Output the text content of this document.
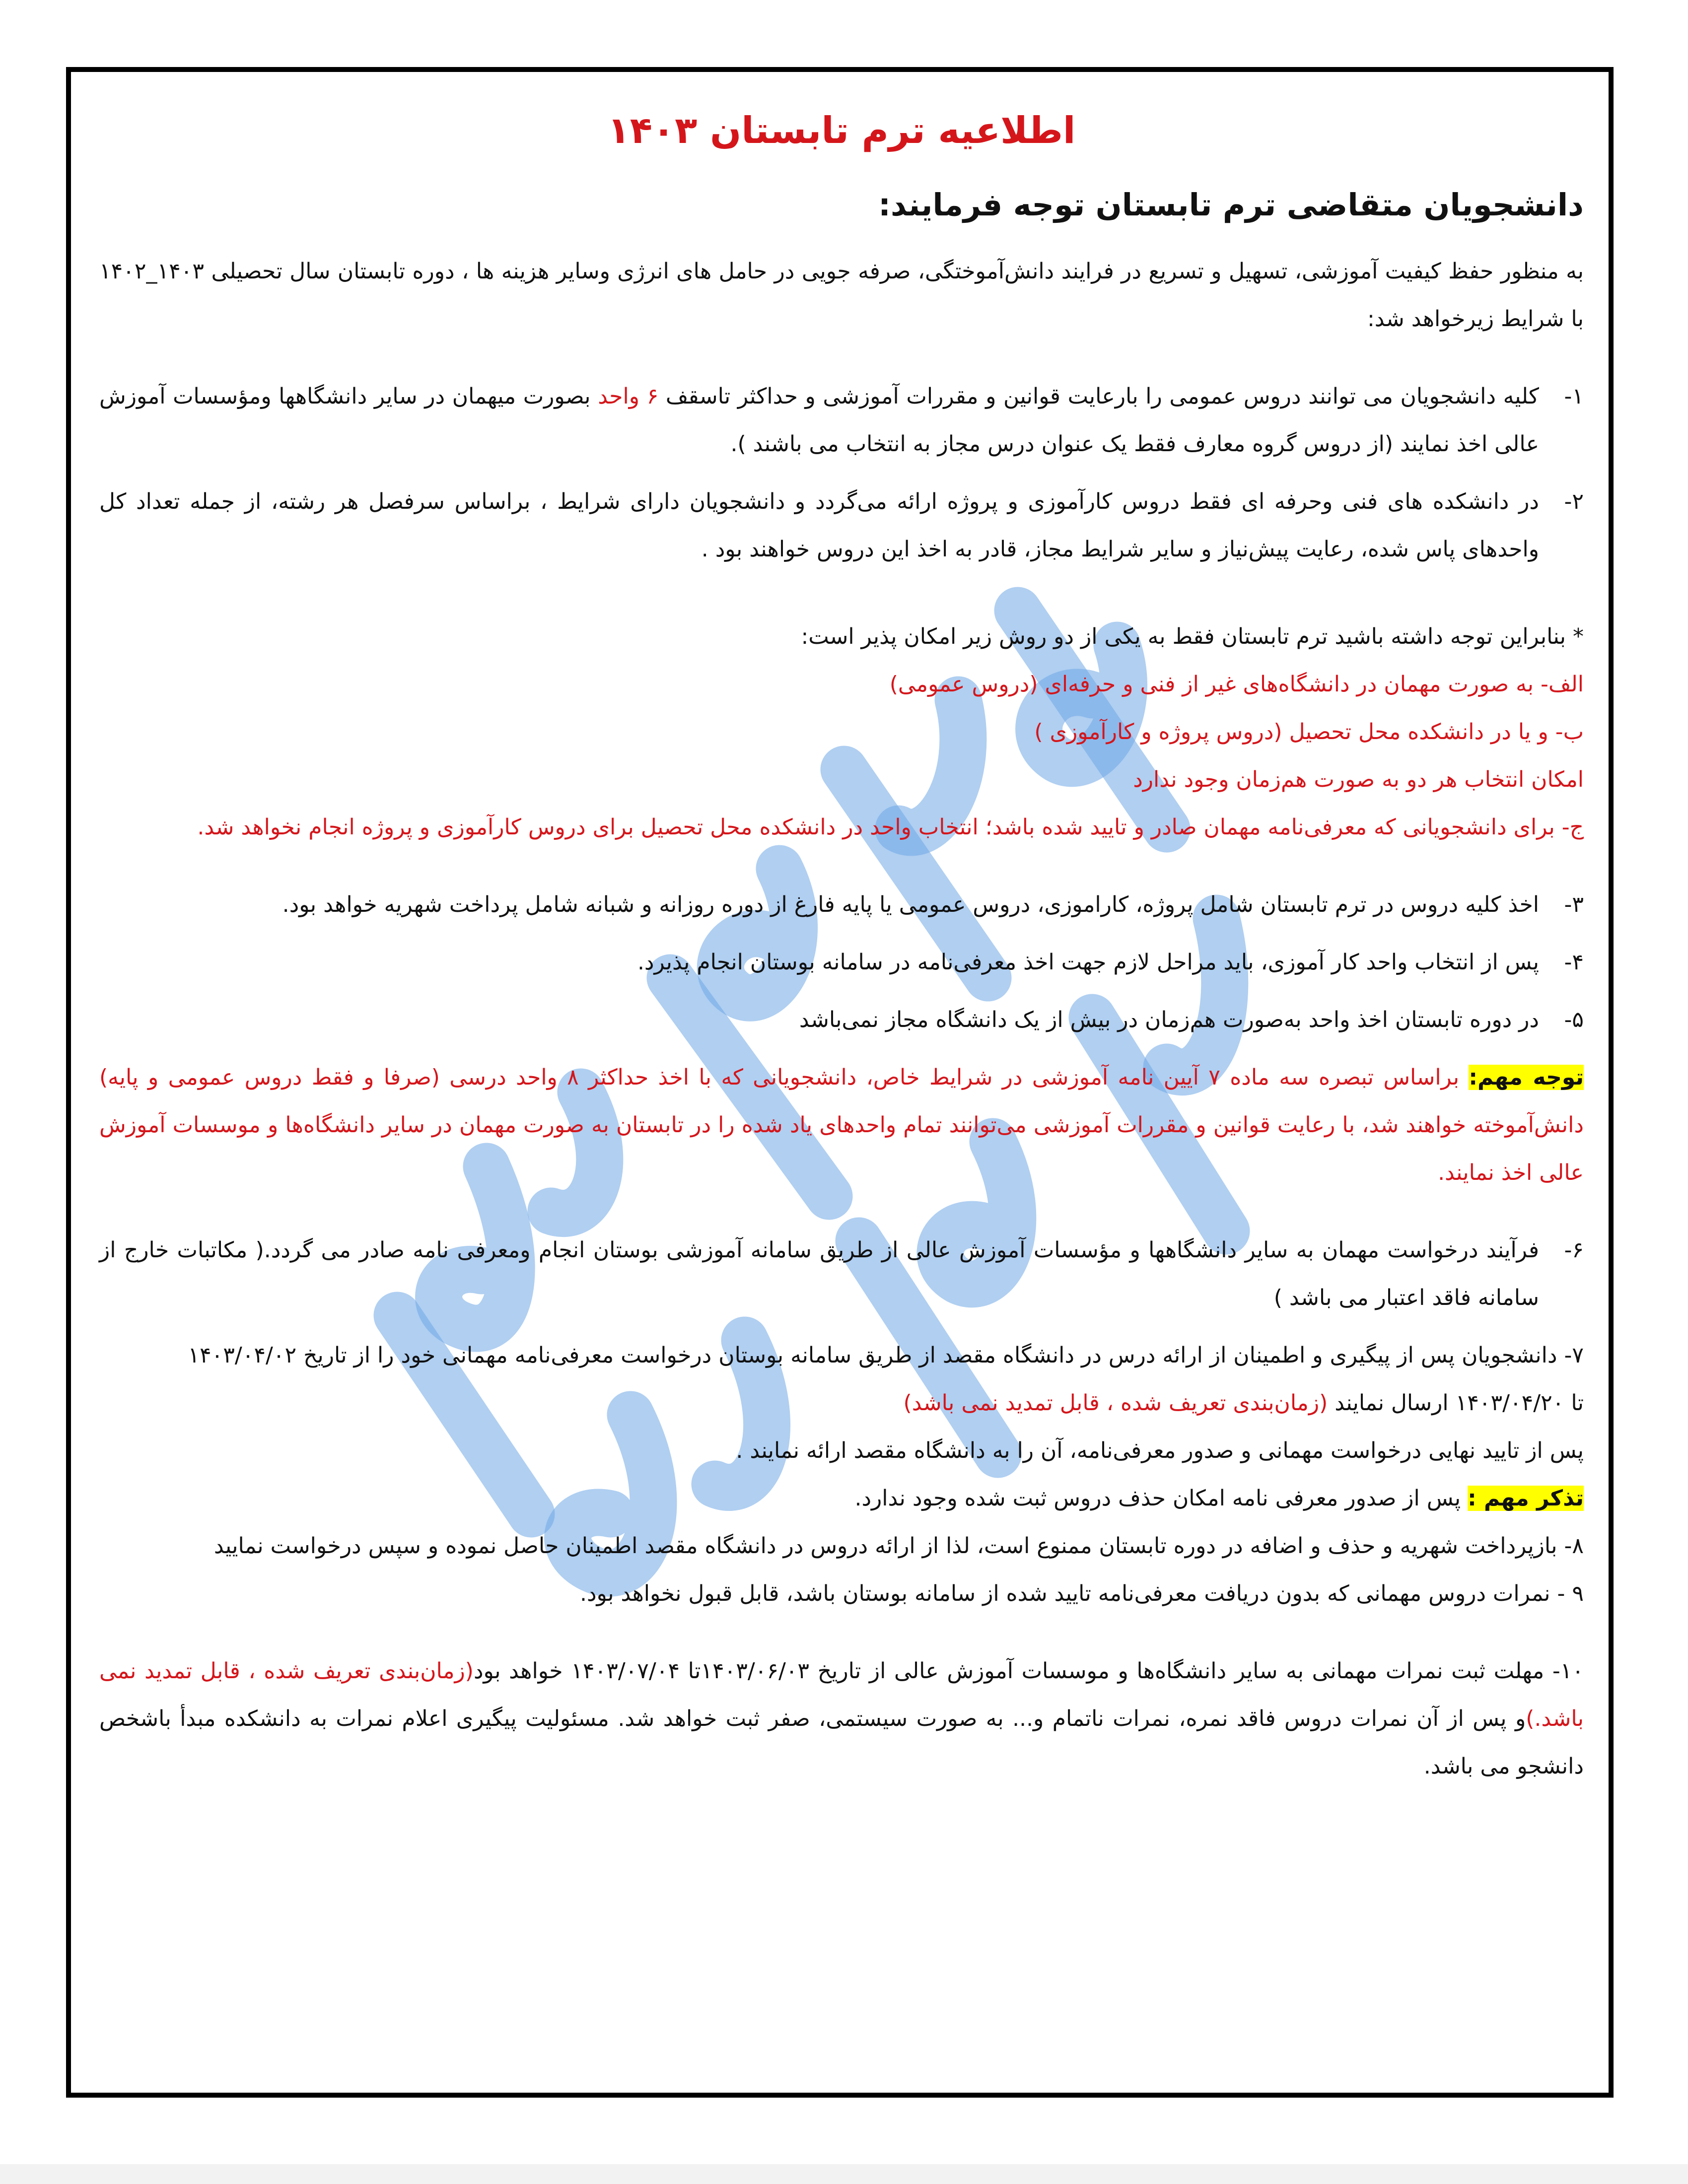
اطلاعیه ترم تابستان ۱۴۰۳
دانشجویان متقاضی ترم تابستان توجه فرمایند:

به منظور حفظ کیفیت آموزشی، تسهیل و تسریع در فرایند دانش‌آموختگی، صرفه جویی در حامل های انرژی وسایر هزینه ها ، دوره تابستان سال تحصیلی ۱۴۰۳_۱۴۰۲ با شرایط زیرخواهد شد:

۱-
کلیه دانشجویان می توانند دروس عمومی را بارعایت قوانین و مقررات آموزشی و حداکثر تاسقف ۶ واحد بصورت میهمان در سایر دانشگاهها ومؤسسات آموزش عالی اخذ نمایند (از دروس گروه معارف فقط یک عنوان درس مجاز به انتخاب می باشند ).
۲-
در دانشکده های فنی وحرفه ای فقط دروس کارآموزی و پروژه ارائه می‌گردد و دانشجویان دارای شرایط ، براساس سرفصل هر رشته، از جمله تعداد کل واحدهای پاس شده، رعایت پیش‌نیاز و سایر شرایط مجاز، قادر به اخذ این دروس خواهند بود .

* بنابراین توجه داشته باشید ترم تابستان فقط به یکی از دو روش زیر امکان پذیر است:

الف- به صورت مهمان در دانشگاه‌های غیر از فنی و حرفه‌ای (دروس عمومی)

ب- و یا در دانشکده محل تحصیل (دروس پروژه و کارآموزی )

امکان انتخاب هر دو به صورت هم‌زمان وجود ندارد

ج- برای دانشجویانی که معرفی‌نامه مهمان صادر و تایید شده باشد؛ انتخاب واحد در دانشکده محل تحصیل برای دروس کارآموزی و پروژه انجام نخواهد شد.

۳-
اخذ کلیه دروس در ترم تابستان شامل پروژه، کاراموزی، دروس عمومی یا پایه فارغ از دوره روزانه و شبانه شامل پرداخت شهریه خواهد بود.
۴-
پس از انتخاب واحد کار آموزی، باید مراحل لازم جهت اخذ معرفی‌نامه در سامانه بوستان انجام پذیرد.
۵-
در دوره تابستان اخذ واحد به‌صورت هم‌زمان در بیش از یک دانشگاه مجاز نمی‌باشد

توجه مهم: براساس تبصره سه ماده ۷ آیین نامه آموزشی در شرایط خاص، دانشجویانی که با اخذ حداکثر ۸ واحد درسی (صرفا و فقط دروس عمومی و پایه) دانش‌آموخته خواهند شد، با رعایت قوانین و مقررات آموزشی می‌توانند تمام واحدهای یاد شده را در تابستان به صورت مهمان در سایر دانشگاه‌ها و موسسات آموزش عالی اخذ نمایند.

۶-
فرآیند درخواست مهمان به سایر دانشگاهها و مؤسسات آموزش عالی از طریق سامانه آموزشی بوستان انجام ومعرفی نامه صادر می گردد.( مکاتبات خارج از سامانه فاقد اعتبار می باشد )

۷- دانشجویان پس از پیگیری و اطمینان از ارائه درس در دانشگاه مقصد از طریق سامانه بوستان درخواست معرفی‌نامه مهمانی خود را از تاریخ ۱۴۰۳/۰۴/۰۲

تا ۱۴۰۳/۰۴/۲۰ ارسال نمایند (زمان‌بندی تعریف شده ، قابل تمدید نمی باشد)

پس از تایید نهایی درخواست مهمانی و صدور معرفی‌نامه، آن را به دانشگاه مقصد ارائه نمایند .

تذکر مهم : پس از صدور معرفی نامه امکان حذف دروس ثبت شده وجود ندارد.

۸- بازپرداخت شهریه و حذف و اضافه در دوره تابستان ممنوع است، لذا از ارائه دروس در دانشگاه مقصد اطمینان حاصل نموده و سپس درخواست نمایید

۹ - نمرات دروس مهمانی که بدون دریافت معرفی‌نامه تایید شده از سامانه بوستان باشد، قابل قبول نخواهد بود.

۱۰- مهلت ثبت نمرات مهمانی به سایر دانشگاه‌ها و موسسات آموزش عالی از تاریخ ۱۴۰۳/۰۶/۰۳تا ۱۴۰۳/۰۷/۰۴ خواهد بود(زمان‌بندی تعریف شده ، قابل تمدید نمی باشد.)و پس از آن نمرات دروس فاقد نمره، نمرات ناتمام و... به صورت سیستمی، صفر ثبت خواهد شد. مسئولیت پیگیری اعلام نمرات به دانشکده مبدأ باشخص دانشجو می باشد.
